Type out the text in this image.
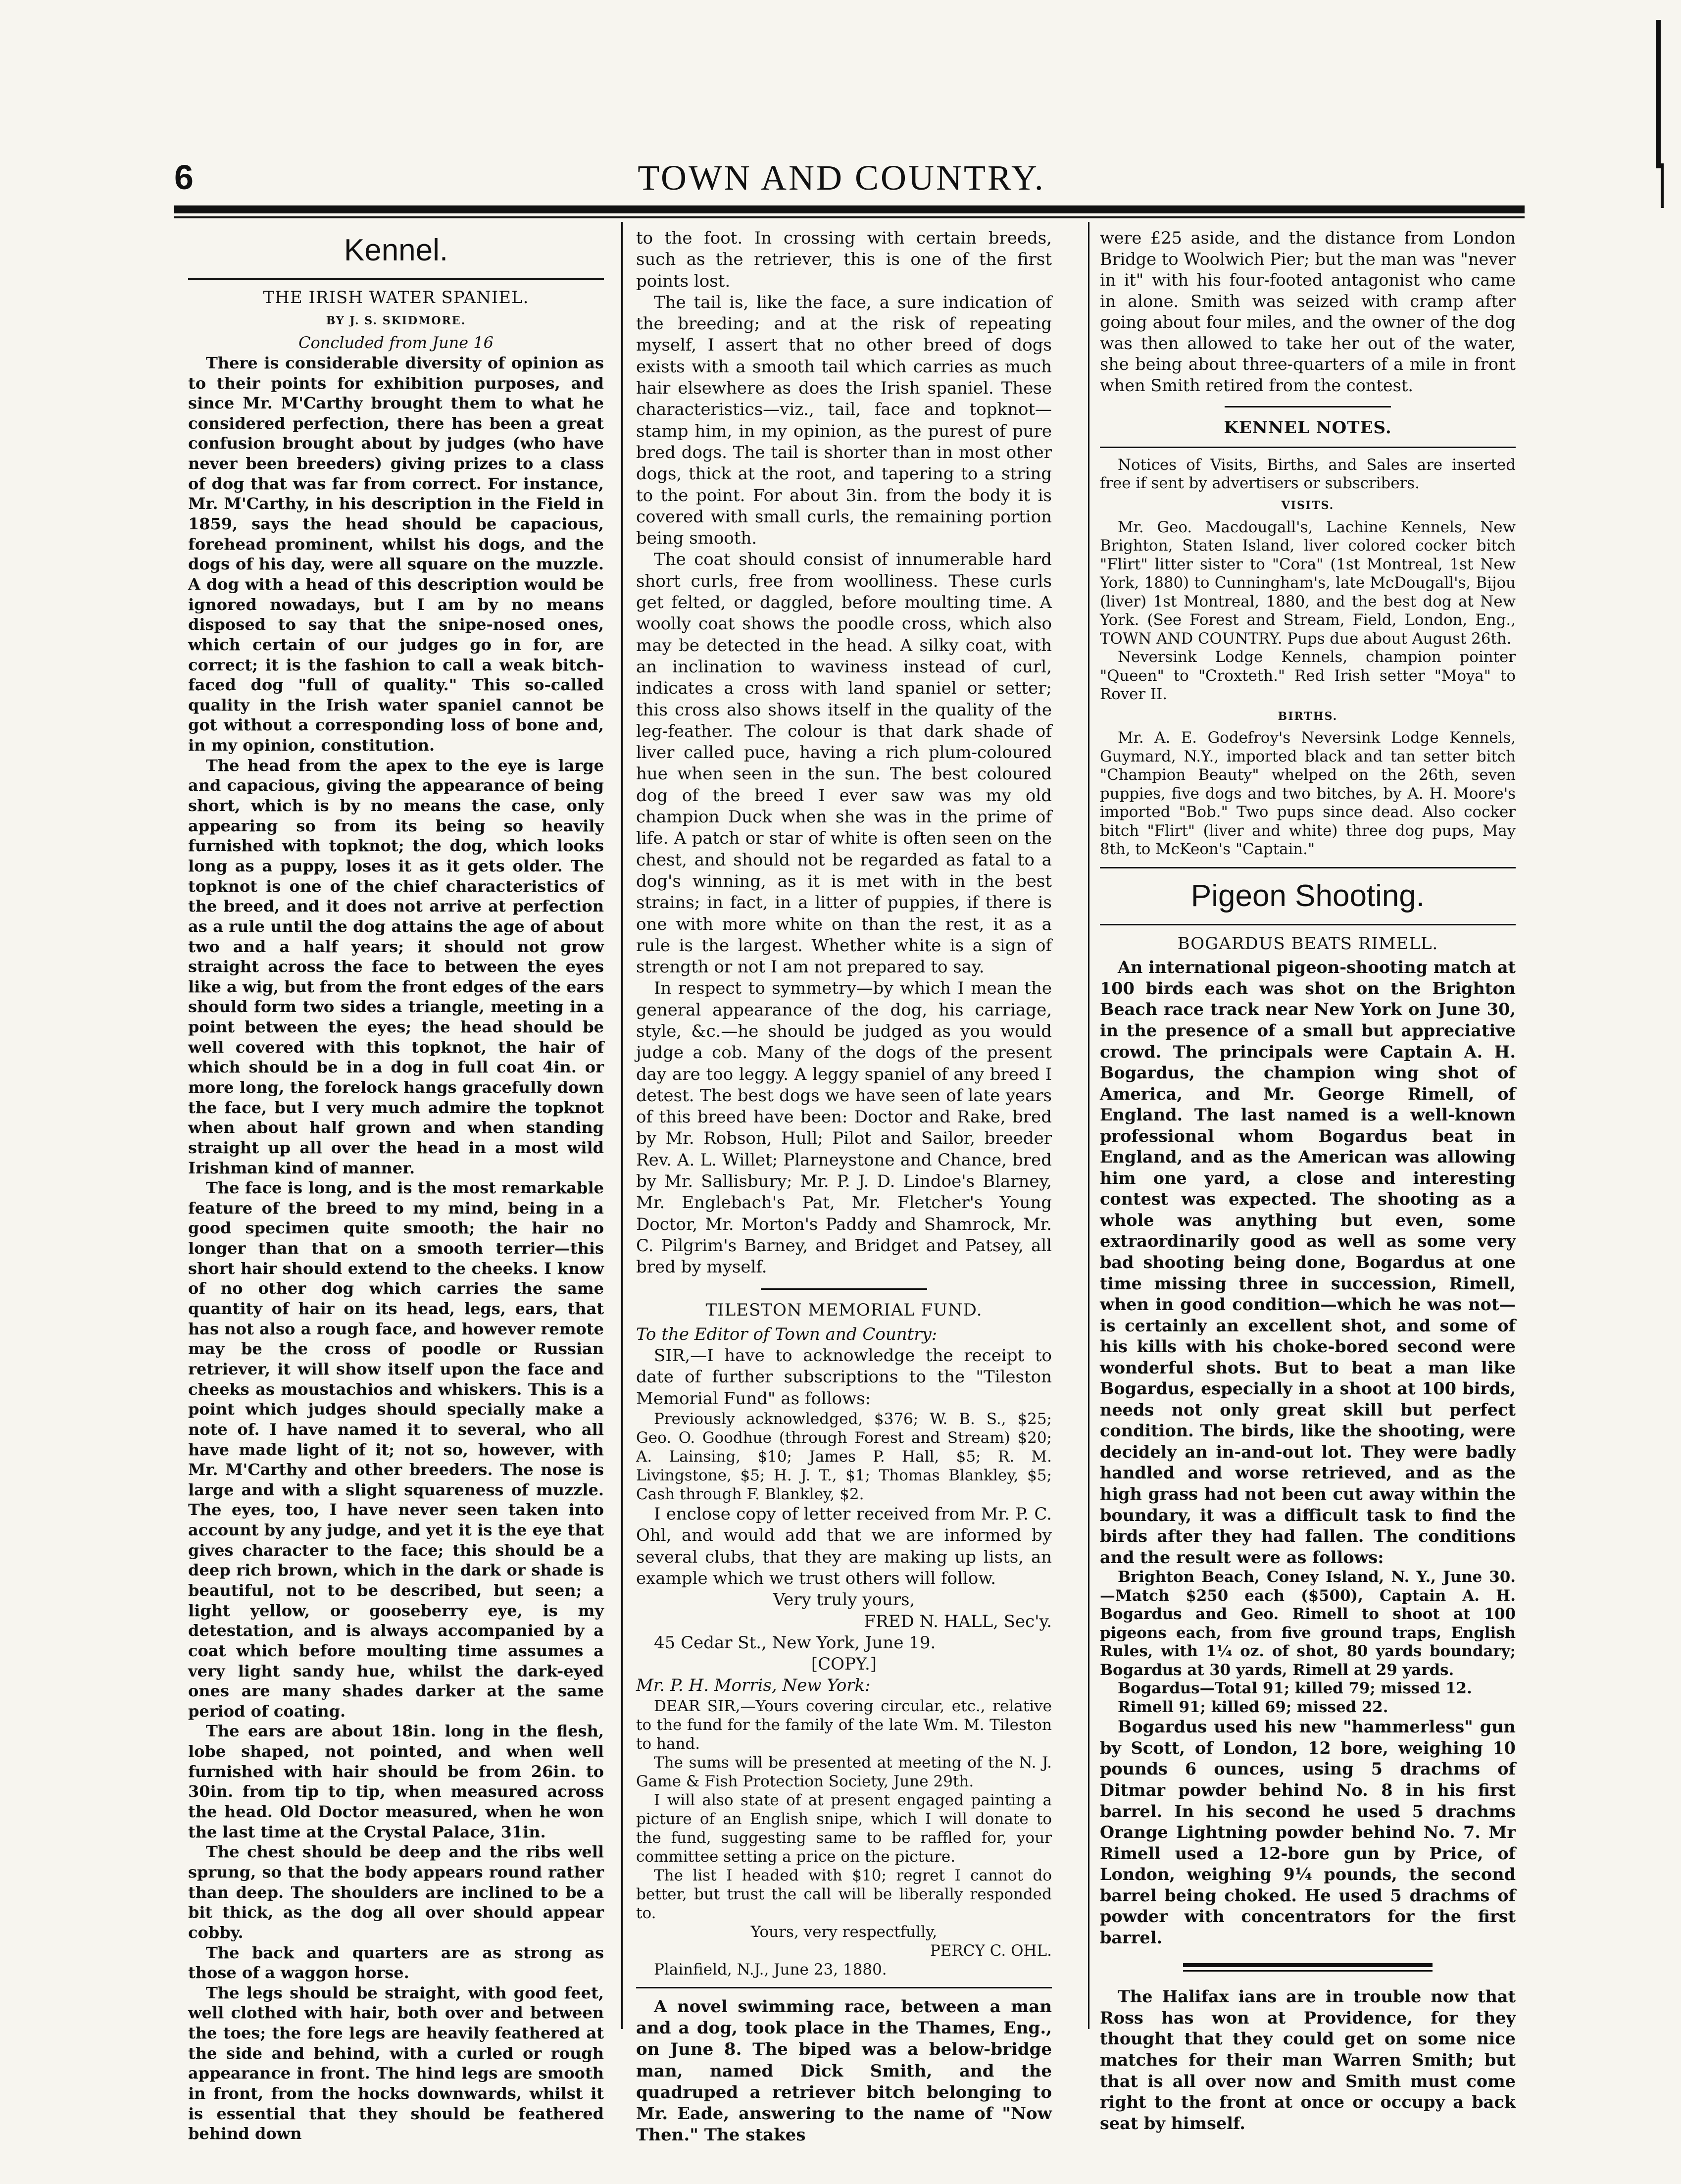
6	TOWN AND COUNTRY.
Kennel.
THE IRISH WATER SPANIEL.
BY J. S. SKIDMORE.
Concluded from June 16

There is considerable diversity of opinion as to their points for exhibition purposes, and since Mr. M'Carthy brought them to what he considered perfection, there has been a great confusion brought about by judges (who have never been breeders) giving prizes to a class of dog that was far from correct. For instance, Mr. M'Carthy, in his description in the Field in 1859, says the head should be capacious, forehead prominent, whilst his dogs, and the dogs of his day, were all square on the muzzle. A dog with a head of this description would be ignored nowadays, but I am by no means disposed to say that the snipe-nosed ones, which certain of our judges go in for, are correct; it is the fashion to call a weak bitch-faced dog "full of quality." This so-called quality in the Irish water spaniel cannot be got without a corresponding loss of bone and, in my opinion, constitution.

The head from the apex to the eye is large and capacious, giving the appearance of being short, which is by no means the case, only appearing so from its being so heavily furnished with topknot; the dog, which looks long as a puppy, loses it as it gets older. The topknot is one of the chief characteristics of the breed, and it does not arrive at perfection as a rule until the dog attains the age of about two and a half years; it should not grow straight across the face to between the eyes like a wig, but from the front edges of the ears should form two sides a triangle, meeting in a point between the eyes; the head should be well covered with this topknot, the hair of which should be in a dog in full coat 4in. or more long, the forelock hangs gracefully down the face, but I very much admire the topknot when about half grown and when standing straight up all over the head in a most wild Irishman kind of manner.

The face is long, and is the most remarkable feature of the breed to my mind, being in a good specimen quite smooth; the hair no longer than that on a smooth terrier—this short hair should extend to the cheeks. I know of no other dog which carries the same quantity of hair on its head, legs, ears, that has not also a rough face, and however remote may be the cross of poodle or Russian retriever, it will show itself upon the face and cheeks as moustachios and whiskers. This is a point which judges should specially make a note of. I have named it to several, who all have made light of it; not so, however, with Mr. M'Carthy and other breeders. The nose is large and with a slight squareness of muzzle. The eyes, too, I have never seen taken into account by any judge, and yet it is the eye that gives character to the face; this should be a deep rich brown, which in the dark or shade is beautiful, not to be described, but seen; a light yellow, or gooseberry eye, is my detestation, and is always accompanied by a coat which before moulting time assumes a very light sandy hue, whilst the dark-eyed ones are many shades darker at the same period of coating.

The ears are about 18in. long in the flesh, lobe shaped, not pointed, and when well furnished with hair should be from 26in. to 30in. from tip to tip, when measured across the head. Old Doctor measured, when he won the last time at the Crystal Palace, 31in.

The chest should be deep and the ribs well sprung, so that the body appears round rather than deep. The shoulders are inclined to be a bit thick, as the dog all over should appear cobby.

The back and quarters are as strong as those of a waggon horse.

The legs should be straight, with good feet, well clothed with hair, both over and between the toes; the fore legs are heavily feathered at the side and behind, with a curled or rough appearance in front. The hind legs are smooth in front, from the hocks downwards, whilst it is essential that they should be feathered behind down

to the foot. In crossing with certain breeds, such as the retriever, this is one of the first points lost.

The tail is, like the face, a sure indication of the breeding; and at the risk of repeating myself, I assert that no other breed of dogs exists with a smooth tail which carries as much hair elsewhere as does the Irish spaniel. These characteristics—viz., tail, face and topknot—stamp him, in my opinion, as the purest of pure bred dogs. The tail is shorter than in most other dogs, thick at the root, and tapering to a string to the point. For about 3in. from the body it is covered with small curls, the remaining portion being smooth.

The coat should consist of innumerable hard short curls, free from woolliness. These curls get felted, or daggled, before moulting time. A woolly coat shows the poodle cross, which also may be detected in the head. A silky coat, with an inclination to waviness instead of curl, indicates a cross with land spaniel or setter; this cross also shows itself in the quality of the leg-feather. The colour is that dark shade of liver called puce, having a rich plum-coloured hue when seen in the sun. The best coloured dog of the breed I ever saw was my old champion Duck when she was in the prime of life. A patch or star of white is often seen on the chest, and should not be regarded as fatal to a dog's winning, as it is met with in the best strains; in fact, in a litter of puppies, if there is one with more white on than the rest, it as a rule is the largest. Whether white is a sign of strength or not I am not prepared to say.

In respect to symmetry—by which I mean the general appearance of the dog, his carriage, style, &c.—he should be judged as you would judge a cob. Many of the dogs of the present day are too leggy. A leggy spaniel of any breed I detest. The best dogs we have seen of late years of this breed have been: Doctor and Rake, bred by Mr. Robson, Hull; Pilot and Sailor, breeder Rev. A. L. Willet; Plarneystone and Chance, bred by Mr. Sallisbury; Mr. P. J. D. Lindoe's Blarney, Mr. Englebach's Pat, Mr. Fletcher's Young Doctor, Mr. Morton's Paddy and Shamrock, Mr. C. Pilgrim's Barney, and Bridget and Patsey, all bred by myself.

TILESTON MEMORIAL FUND.

To the Editor of Town and Country:

SIR,—I have to acknowledge the receipt to date of further subscriptions to the "Tileston Memorial Fund" as follows:

Previously acknowledged, $376; W. B. S., $25; Geo. O. Goodhue (through Forest and Stream) $20; A. Lainsing, $10; James P. Hall, $5; R. M. Livingstone, $5; H. J. T., $1; Thomas Blankley, $5; Cash through F. Blankley, $2.

I enclose copy of letter received from Mr. P. C. Ohl, and would add that we are informed by several clubs, that they are making up lists, an example which we trust others will follow.

Very truly yours,

FRED N. HALL, Sec'y.

45 Cedar St., New York, June 19.

[COPY.]

Mr. P. H. Morris, New York:

DEAR SIR,—Yours covering circular, etc., relative to the fund for the family of the late Wm. M. Tileston to hand.

The sums will be presented at meeting of the N. J. Game & Fish Protection Society, June 29th.

I will also state of at present engaged painting a picture of an English snipe, which I will donate to the fund, suggesting same to be raffled for, your committee setting a price on the picture.

The list I headed with $10; regret I cannot do better, but trust the call will be liberally responded to.

Yours, very respectfully,

PERCY C. OHL.

Plainfield, N.J., June 23, 1880.

A novel swimming race, between a man and a dog, took place in the Thames, Eng., on June 8. The biped was a below-bridge man, named Dick Smith, and the quadruped a retriever bitch belonging to Mr. Eade, answering to the name of "Now Then." The stakes

were £25 aside, and the distance from London Bridge to Woolwich Pier; but the man was "never in it" with his four-footed antagonist who came in alone. Smith was seized with cramp after going about four miles, and the owner of the dog was then allowed to take her out of the water, she being about three-quarters of a mile in front when Smith retired from the contest.

KENNEL NOTES.

Notices of Visits, Births, and Sales are inserted free if sent by advertisers or subscribers.

VISITS.

Mr. Geo. Macdougall's, Lachine Kennels, New Brighton, Staten Island, liver colored cocker bitch "Flirt" litter sister to "Cora" (1st Montreal, 1st New York, 1880) to Cunningham's, late McDougall's, Bijou (liver) 1st Montreal, 1880, and the best dog at New York. (See Forest and Stream, Field, London, Eng., TOWN AND COUNTRY. Pups due about August 26th.

Neversink Lodge Kennels, champion pointer "Queen" to "Croxteth." Red Irish setter "Moya" to Rover II.

BIRTHS.

Mr. A. E. Godefroy's Neversink Lodge Kennels, Guymard, N.Y., imported black and tan setter bitch "Champion Beauty" whelped on the 26th, seven puppies, five dogs and two bitches, by A. H. Moore's imported "Bob." Two pups since dead. Also cocker bitch "Flirt" (liver and white) three dog pups, May 8th, to McKeon's "Captain."

Pigeon Shooting.
BOGARDUS BEATS RIMELL.

An international pigeon-shooting match at 100 birds each was shot on the Brighton Beach race track near New York on June 30, in the presence of a small but appreciative crowd. The principals were Captain A. H. Bogardus, the champion wing shot of America, and Mr. George Rimell, of England. The last named is a well-known professional whom Bogardus beat in England, and as the American was allowing him one yard, a close and interesting contest was expected. The shooting as a whole was anything but even, some extraordinarily good as well as some very bad shooting being done, Bogardus at one time missing three in succession, Rimell, when in good condition—which he was not—is certainly an excellent shot, and some of his kills with his choke-bored second were wonderful shots. But to beat a man like Bogardus, especially in a shoot at 100 birds, needs not only great skill but perfect condition. The birds, like the shooting, were decidely an in-and-out lot. They were badly handled and worse retrieved, and as the high grass had not been cut away within the boundary, it was a difficult task to find the birds after they had fallen. The conditions and the result were as follows:

Brighton Beach, Coney Island, N. Y., June 30.—Match $250 each ($500), Captain A. H. Bogardus and Geo. Rimell to shoot at 100 pigeons each, from five ground traps, English Rules, with 1¼ oz. of shot, 80 yards boundary; Bogardus at 30 yards, Rimell at 29 yards.

Bogardus—Total 91; killed 79; missed 12.

Rimell 91; killed 69; missed 22.

Bogardus used his new "hammerless" gun by Scott, of London, 12 bore, weighing 10 pounds 6 ounces, using 5 drachms of Ditmar powder behind No. 8 in his first barrel. In his second he used 5 drachms Orange Lightning powder behind No. 7. Mr Rimell used a 12-bore gun by Price, of London, weighing 9¼ pounds, the second barrel being choked. He used 5 drachms of powder with concentrators for the first barrel.

The Halifax ians are in trouble now that Ross has won at Providence, for they thought that they could get on some nice matches for their man Warren Smith; but that is all over now and Smith must come right to the front at once or occupy a back seat by himself.
